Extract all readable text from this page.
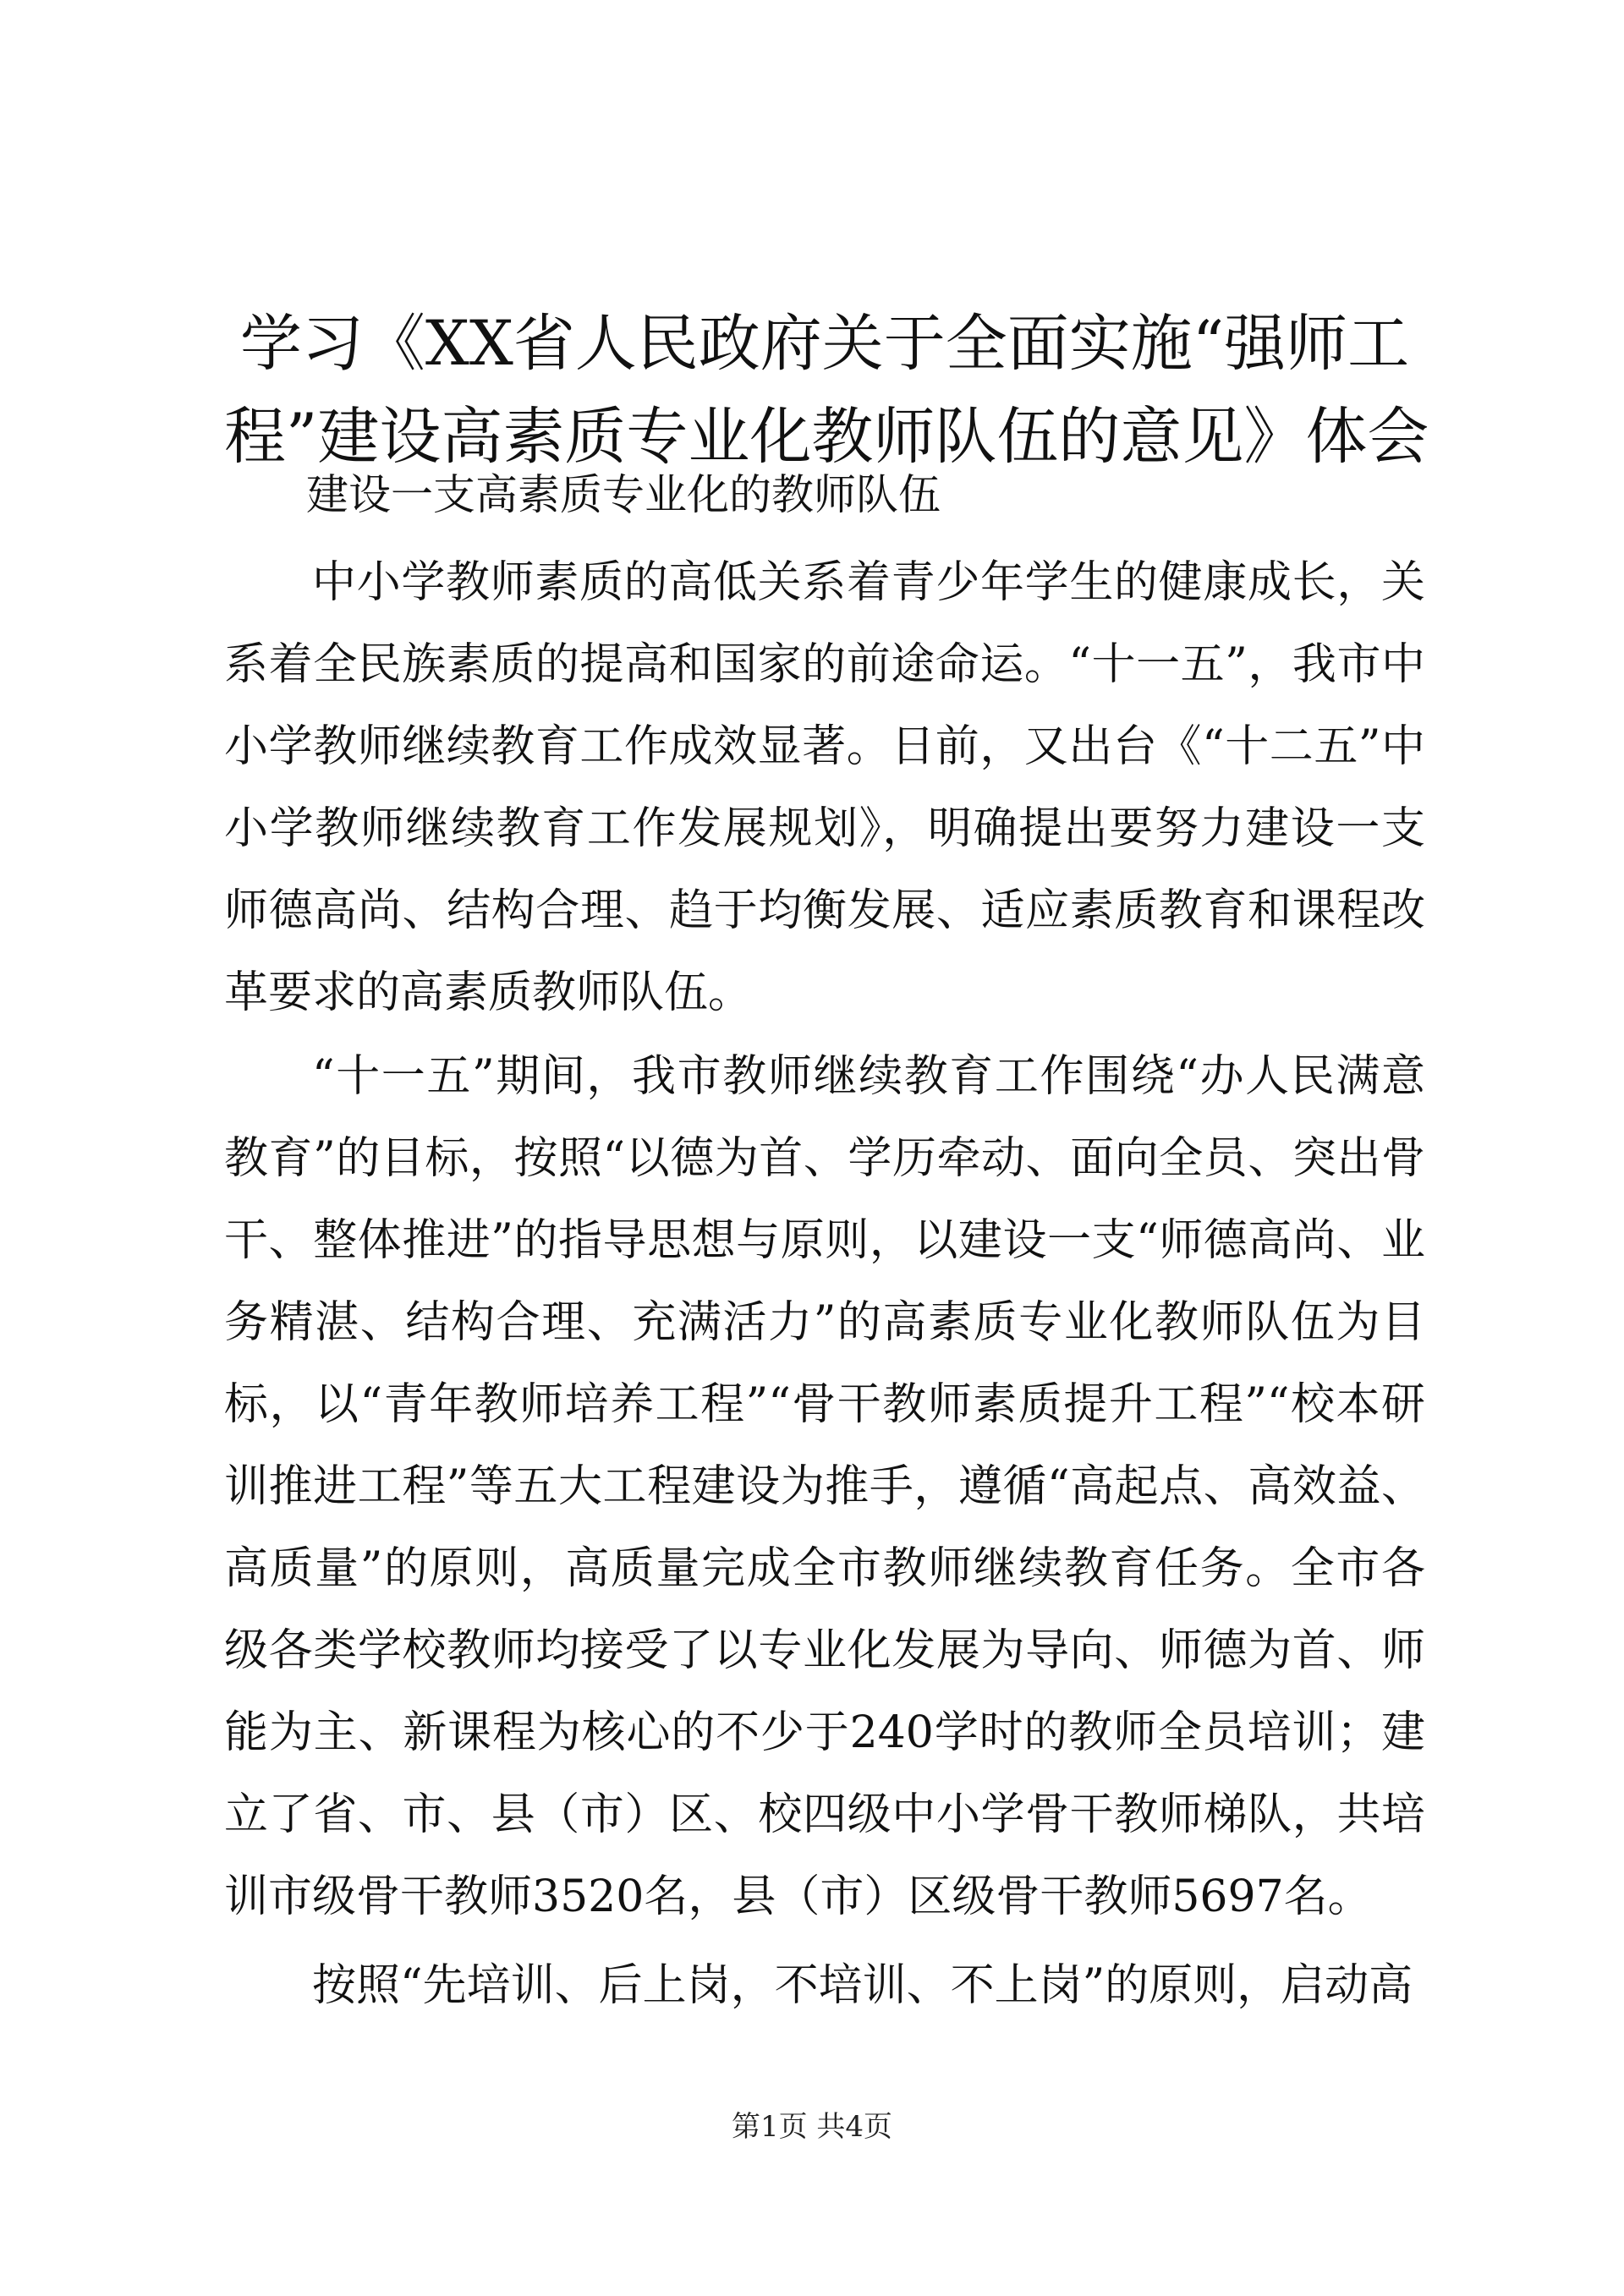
学习《XX省人民政府关于全面实施“强师工
程”建设高素质专业化教师队伍的意见》体会

建设一支高素质专业化的教师队伍

中小学教师素质的高低关系着青少年学生的健康成长，关系着全民族素质的提高和国家的前途命运。“十一五”，我市中小学教师继续教育工作成效显著。日前，又出台《“十二五”中小学教师继续教育工作发展规划》，明确提出要努力建设一支师德高尚、结构合理、趋于均衡发展、适应素质教育和课程改革要求的高素质教师队伍。

“十一五”期间，我市教师继续教育工作围绕“办人民满意教育”的目标，按照“以德为首、学历牵动、面向全员、突出骨干、整体推进”的指导思想与原则，以建设一支“师德高尚、业务精湛、结构合理、充满活力”的高素质专业化教师队伍为目标，以“青年教师培养工程”“骨干教师素质提升工程”“校本研训推进工程”等五大工程建设为推手，遵循“高起点、高效益、高质量”的原则，高质量完成全市教师继续教育任务。全市各级各类学校教师均接受了以专业化发展为导向、师德为首、师能为主、新课程为核心的不少于240学时的教师全员培训；建立了省、市、县（市）区、校四级中小学骨干教师梯队，共培训市级骨干教师3520名，县（市）区级骨干教师5697名。

按照“先培训、后上岗，不培训、不上岗”的原则，启动高

第1页 共4页
